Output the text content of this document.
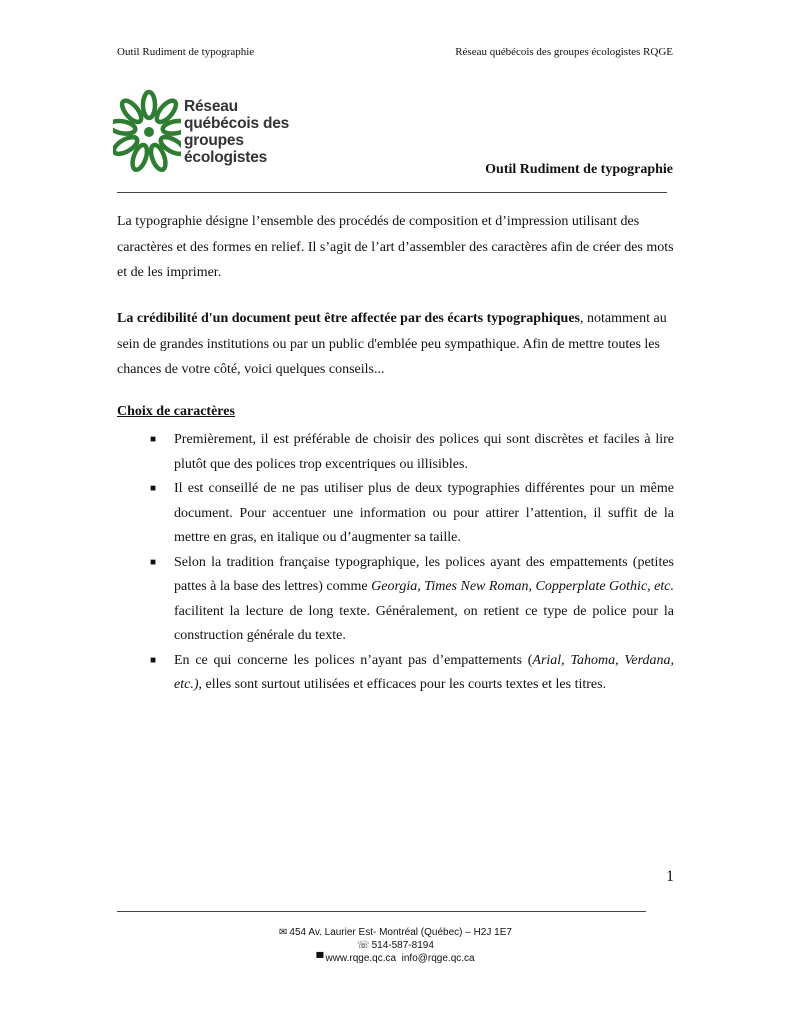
Outil Rudiment de typographie	Réseau québécois des groupes écologistes RQGE
Réseau
québécois des
groupes
écologistes
Outil Rudiment de typographie

La typographie désigne l’ensemble des procédés de composition et d’impression utilisant des caractères et des formes en relief. Il s’agit de l’art d’assembler des caractères afin de créer des mots et de les imprimer.

La crédibilité d'un document peut être affectée par des écarts typographiques, notamment au sein de grandes institutions ou par un public d'emblée peu sympathique. Afin de mettre toutes les chances de votre côté, voici quelques conseils...

Choix de caractères

■ Premièrement, il est préférable de choisir des polices qui sont discrètes et faciles à lire plutôt que des polices trop excentriques ou illisibles.
■ Il est conseillé de ne pas utiliser plus de deux typographies différentes pour un même document. Pour accentuer une information ou pour attirer l’attention, il suffit de la mettre en gras, en italique ou d’augmenter sa taille.
■ Selon la tradition française typographique, les polices ayant des empattements (petites pattes à la base des lettres) comme Georgia, Times New Roman, Copperplate Gothic, etc. facilitent la lecture de long texte. Généralement, on retient ce type de police pour la construction générale du texte.
■ En ce qui concerne les polices n’ayant pas d’empattements (Arial, Tahoma, Verdana, etc.), elles sont surtout utilisées et efficaces pour les courts textes et les titres.
1
✉ 454 Av. Laurier Est- Montréal (Québec) – H2J 1E7
☏ 514-587-8194
▀ www.rqge.qc.ca info@rqge.qc.ca
